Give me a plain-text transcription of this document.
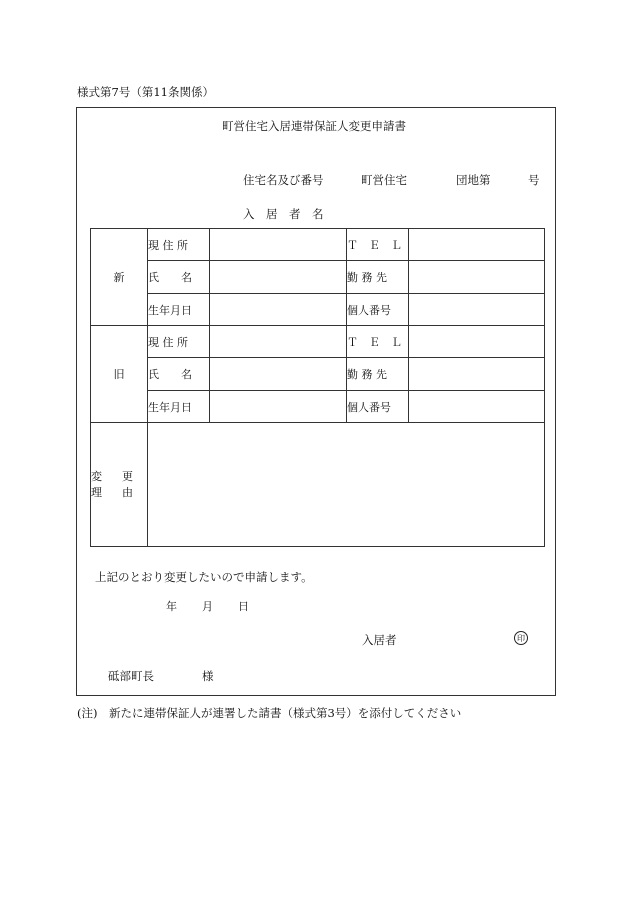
様式第7号（第11条関係）
町営住宅入居連帯保証人変更申請書
住宅名及び番号	町営住宅	団地第	号
入　居　者　名
新	現 住 所		Ｔ　Ｅ　Ｌ	
	氏　　名		勤 務 先	
	生年月日		個人番号	
旧	現 住 所		Ｔ　Ｅ　Ｌ	
	氏　　名		勤 務 先	
	生年月日		個人番号	

変 更
理 由				

上記のとおり変更したいので申請します。
年 月 日
入居者	印
砥部町長	様
(注)　新たに連帯保証人が連署した請書（様式第3号）を添付してください
